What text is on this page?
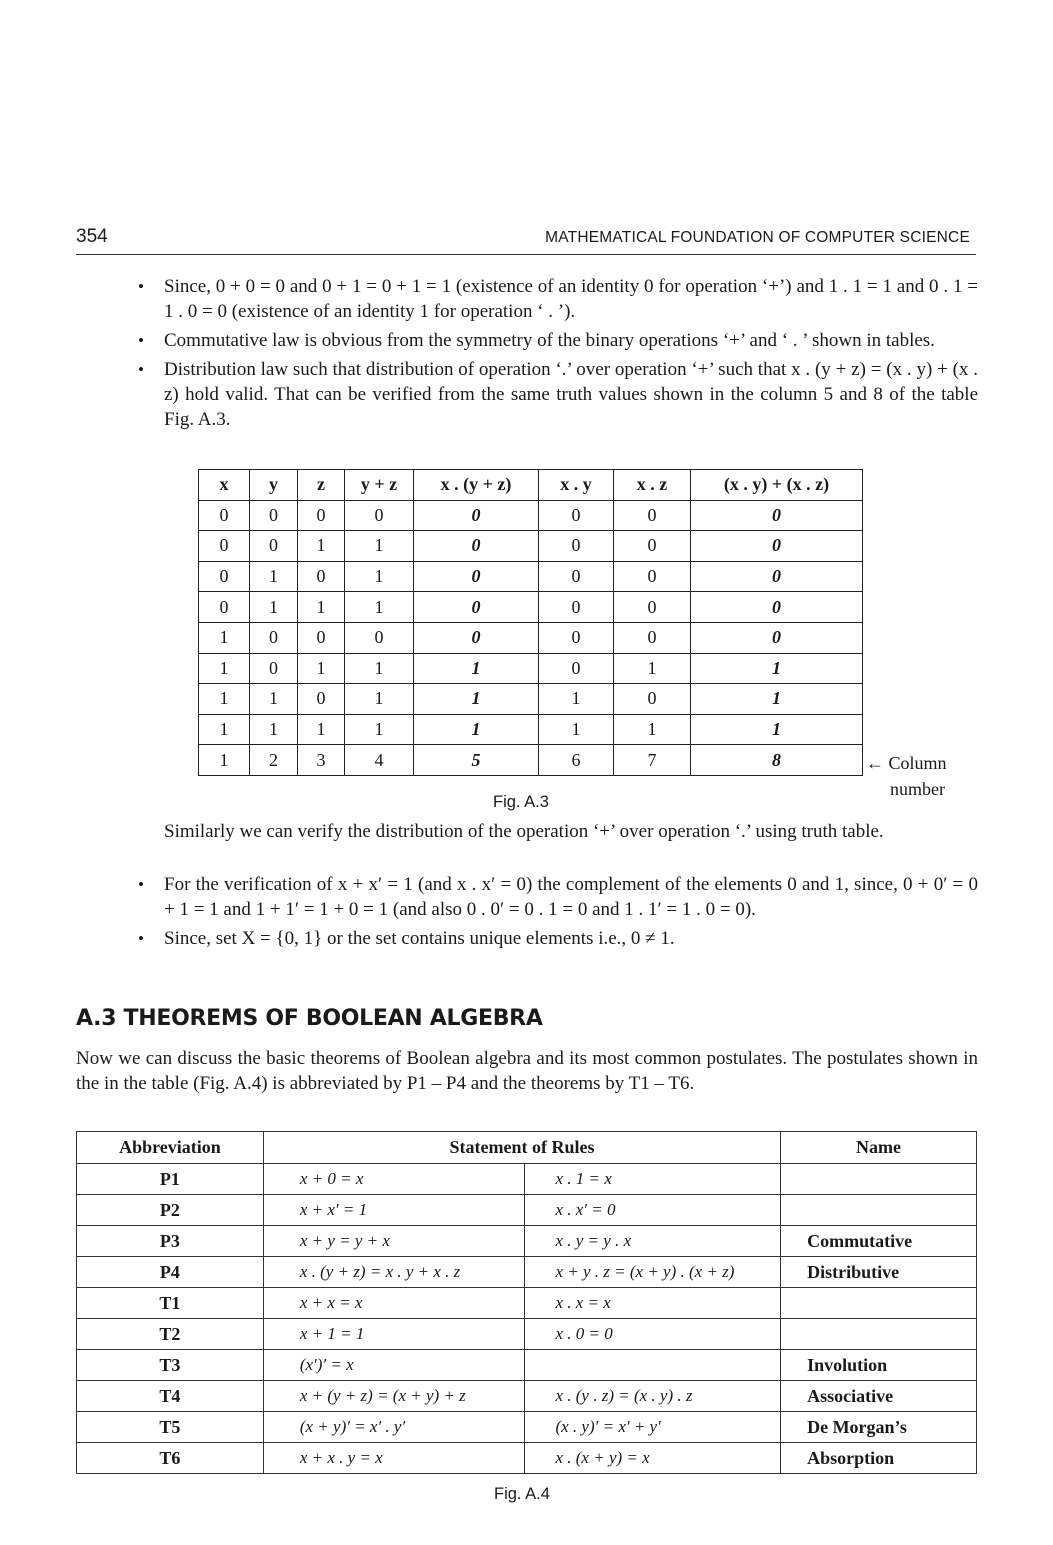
354	MATHEMATICAL FOUNDATION OF COMPUTER SCIENCE
• Since, 0 + 0 = 0 and 0 + 1 = 0 + 1 = 1 (existence of an identity 0 for operation ‘+’) and 1 . 1 = 1 and 0 . 1 = 1 . 0 = 0 (existence of an identity 1 for operation ‘ . ’).

• Commutative law is obvious from the symmetry of the binary operations ‘+’ and ‘ . ’ shown in tables.

• Distribution law such that distribution of operation ‘.’ over operation ‘+’ such that x . (y + z) = (x . y) + (x . z) hold valid. That can be verified from the same truth values shown in the column 5 and 8 of the table Fig. A.3.

x	y	z	y + z	x . (y + z)	x . y	x . z	(x . y) + (x . z)
0	0	0	0	0	0	0	0
0	0	1	1	0	0	0	0
0	1	0	1	0	0	0	0
0	1	1	1	0	0	0	0
1	0	0	0	0	0	0	0
1	0	1	1	1	0	1	1
1	1	0	1	1	1	0	1
1	1	1	1	1	1	1	1
1	2	3	4	5	6	7	8	← Column
number
Fig. A.3

Similarly we can verify the distribution of the operation ‘+’ over operation ‘.’ using truth table.

• For the verification of x + x′ = 1 (and x . x′ = 0) the complement of the elements 0 and 1, since, 0 + 0′ = 0 + 1 = 1 and 1 + 1′ = 1 + 0 = 1 (and also 0 . 0′ = 0 . 1 = 0 and 1 . 1′ = 1 . 0 = 0).

• Since, set X = {0, 1} or the set contains unique elements i.e., 0 ≠ 1.

A.3 THEOREMS OF BOOLEAN ALGEBRA

Now we can discuss the basic theorems of Boolean algebra and its most common postulates. The postulates shown in the in the table (Fig. A.4) is abbreviated by P1 – P4 and the theorems by T1 – T6.

Abbreviation	Statement of Rules		Name
P1	x + 0 = x	x . 1 = x	
P2	x + x′ = 1	x . x′ = 0	
P3	x + y = y + x	x . y = y . x	Commutative
P4	x . (y + z) = x . y + x . z	x + y . z = (x + y) . (x + z)	Distributive
T1	x + x = x	x . x = x	
T2	x + 1 = 1	x . 0 = 0	
T3	(x′)′ = x		Involution
T4	x + (y + z) = (x + y) + z	x . (y . z) = (x . y) . z	Associative
T5	(x + y)′ = x′ . y′	(x . y)′ = x′ + y′	De Morgan’s
T6	x + x . y = x	x . (x + y) = x	Absorption
Fig. A.4
